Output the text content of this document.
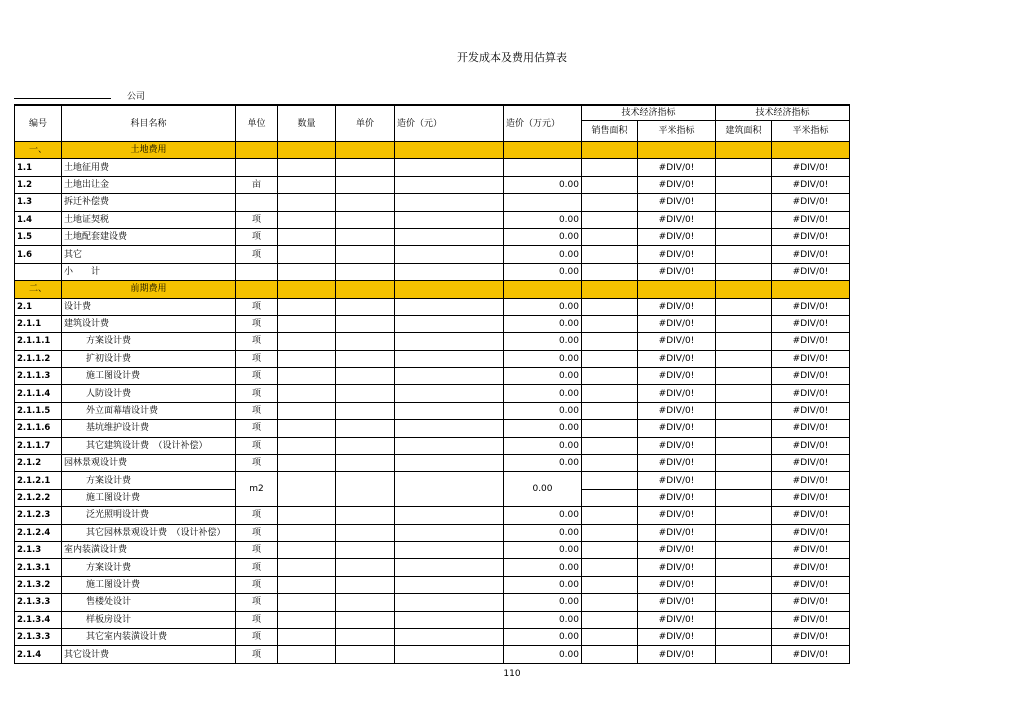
开发成本及费用估算表
公司
编号	科目名称	单位	数量	单价	造价（元）	造价（万元）	技术经济指标		技术经济指标	
							销售面积	平米指标	建筑面积	平米指标
一、	土地费用									
1.1	土地征用费							#DIV/0!		#DIV/0!
1.2	土地出让金	亩				0.00		#DIV/0!		#DIV/0!
1.3	拆迁补偿费							#DIV/0!		#DIV/0!
1.4	土地证契税	项				0.00		#DIV/0!		#DIV/0!
1.5	土地配套建设费	项				0.00		#DIV/0!		#DIV/0!
1.6	其它	项				0.00		#DIV/0!		#DIV/0!
	小　　计					0.00		#DIV/0!		#DIV/0!
二、	前期费用									
2.1	设计费	项				0.00		#DIV/0!		#DIV/0!
2.1.1	建筑设计费	项				0.00		#DIV/0!		#DIV/0!
2.1.1.1	方案设计费	项				0.00		#DIV/0!		#DIV/0!
2.1.1.2	扩初设计费	项				0.00		#DIV/0!		#DIV/0!
2.1.1.3	施工图设计费	项				0.00		#DIV/0!		#DIV/0!
2.1.1.4	人防设计费	项				0.00		#DIV/0!		#DIV/0!
2.1.1.5	外立面幕墙设计费	项				0.00		#DIV/0!		#DIV/0!
2.1.1.6	基坑维护设计费	项				0.00		#DIV/0!		#DIV/0!
2.1.1.7	其它建筑设计费　（设计补偿）	项				0.00		#DIV/0!		#DIV/0!
2.1.2	园林景观设计费	项				0.00		#DIV/0!		#DIV/0!
2.1.2.1	方案设计费	m2				0.00		#DIV/0!		#DIV/0!
2.1.2.2	施工图设计费							#DIV/0!		#DIV/0!
2.1.2.3	泛光照明设计费	项				0.00		#DIV/0!		#DIV/0!
2.1.2.4	其它园林景观设计费　（设计补偿）	项				0.00		#DIV/0!		#DIV/0!
2.1.3	室内装潢设计费	项				0.00		#DIV/0!		#DIV/0!
2.1.3.1	方案设计费	项				0.00		#DIV/0!		#DIV/0!
2.1.3.2	施工图设计费	项				0.00		#DIV/0!		#DIV/0!
2.1.3.3	售楼处设计	项				0.00		#DIV/0!		#DIV/0!
2.1.3.4	样板房设计	项				0.00		#DIV/0!		#DIV/0!
2.1.3.3	其它室内装潢设计费	项				0.00		#DIV/0!		#DIV/0!
2.1.4	其它设计费	项				0.00		#DIV/0!		#DIV/0!
110
